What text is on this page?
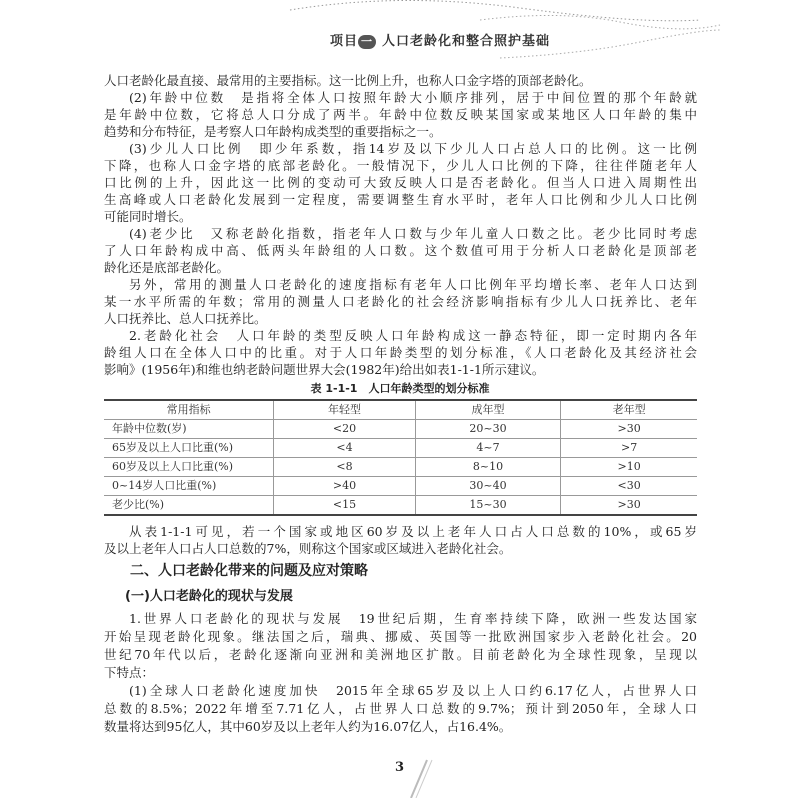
项目 一 人口老龄化和整合照护基础
人口老龄化最直接、最常用的主要指标。这一比例上升，也称人口金字塔的顶部老龄化。
(2)年龄中位数　是指将全体人口按照年龄大小顺序排列，居于中间位置的那个年龄就
是年龄中位数，它将总人口分成了两半。年龄中位数反映某国家或某地区人口年龄的集中
趋势和分布特征，是考察人口年龄构成类型的重要指标之一。
(3)少儿人口比例　即少年系数，指14岁及以下少儿人口占总人口的比例。这一比例
下降，也称人口金字塔的底部老龄化。一般情况下，少儿人口比例的下降，往往伴随老年人
口比例的上升，因此这一比例的变动可大致反映人口是否老龄化。但当人口进入周期性出
生高峰或人口老龄化发展到一定程度，需要调整生育水平时，老年人口比例和少儿人口比例
可能同时增长。
(4)老少比　又称老龄化指数，指老年人口数与少年儿童人口数之比。老少比同时考虑
了人口年龄构成中高、低两头年龄组的人口数。这个数值可用于分析人口老龄化是顶部老
龄化还是底部老龄化。
另外，常用的测量人口老龄化的速度指标有老年人口比例年平均增长率、老年人口达到
某一水平所需的年数；常用的测量人口老龄化的社会经济影响指标有少儿人口抚养比、老年
人口抚养比、总人口抚养比。
2.老龄化社会　人口年龄的类型反映人口年龄构成这一静态特征，即一定时期内各年
龄组人口在全体人口中的比重。对于人口年龄类型的划分标准，《人口老龄化及其经济社会
影响》(1956年)和维也纳老龄问题世界大会(1982年)给出如表1-1-1所示建议。
表 1-1-1　人口年龄类型的划分标准
常用指标	年轻型	成年型	老年型
年龄中位数(岁)	<20	20~30	>30
65岁及以上人口比重(%)	<4	4~7	>7
60岁及以上人口比重(%)	<8	8~10	>10
0~14岁人口比重(%)	>40	30~40	<30
老少比(%)	<15	15~30	>30
从表1-1-1可见，若一个国家或地区60岁及以上老年人口占人口总数的10%，或65岁
及以上老年人口占人口总数的7%，则称这个国家或区域进入老龄化社会。
二、人口老龄化带来的问题及应对策略
(一)人口老龄化的现状与发展
1.世界人口老龄化的现状与发展　19世纪后期，生育率持续下降，欧洲一些发达国家
开始呈现老龄化现象。继法国之后，瑞典、挪威、英国等一批欧洲国家步入老龄化社会。20
世纪70年代以后，老龄化逐渐向亚洲和美洲地区扩散。目前老龄化为全球性现象，呈现以
下特点：
(1)全球人口老龄化速度加快　2015年全球65岁及以上人口约6.17亿人，占世界人口
总数的8.5%；2022年增至7.71亿人，占世界人口总数的9.7%；预计到2050年，全球人口
数量将达到95亿人，其中60岁及以上老年人约为16.07亿人，占16.4%。
3
